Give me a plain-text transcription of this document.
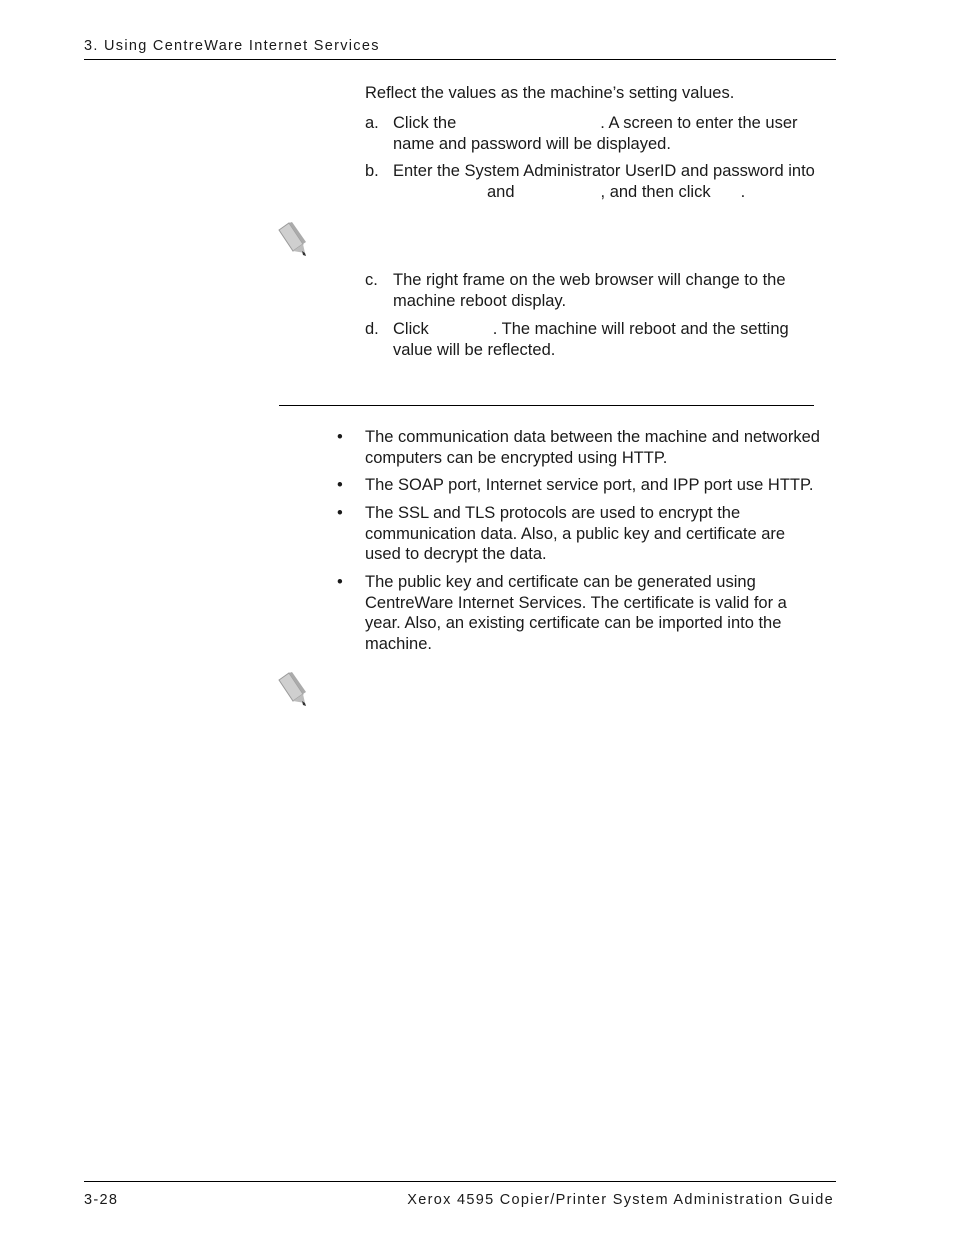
3. Using CentreWare Internet Services
Reflect the values as the machine’s setting values.
a. Click the	. A screen to enter the user
name and password will be displayed.
b. Enter the System Administrator UserID and password into
and	, and then click .
c. The right frame on the web browser will change to the
machine reboot display.
d. Click	. The machine will reboot and the setting
value will be reflected.
• The communication data between the machine and networked
computers can be encrypted using HTTP.
• The SOAP port, Internet service port, and IPP port use HTTP.
• The SSL and TLS protocols are used to encrypt the
communication data. Also, a public key and certificate are
used to decrypt the data.
• The public key and certificate can be generated using
CentreWare Internet Services. The certificate is valid for a
year. Also, an existing certificate can be imported into the
machine.
3-28	Xerox 4595 Copier/Printer System Administration Guide
